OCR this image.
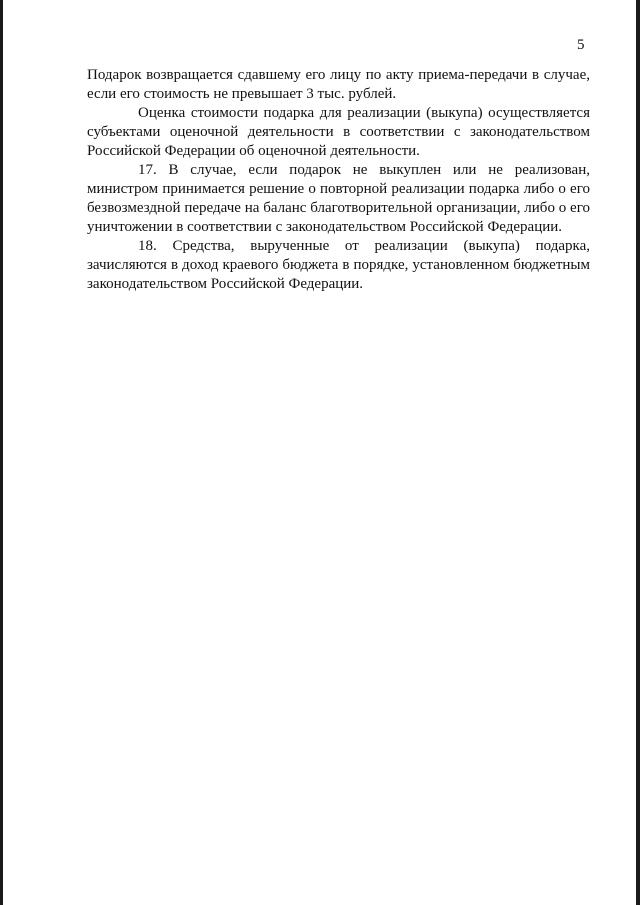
5

Подарок возвращается сдавшему его лицу по акту приема-передачи в случае, если его стоимость не превышает 3 тыс. рублей.

Оценка стоимости подарка для реализации (выкупа) осуществляется субъектами оценочной деятельности в соответствии с законодательством Российской Федерации об оценочной деятельности.

17. В случае, если подарок не выкуплен или не реализован, министром принимается решение о повторной реализации подарка либо о его безвозмездной передаче на баланс благотворительной организации, либо о его уничтожении в соответствии с законодательством Российской Федерации.

18. Средства, вырученные от реализации (выкупа) подарка, зачисляются в доход краевого бюджета в порядке, установленном бюджетным законодательством Российской Федерации.
